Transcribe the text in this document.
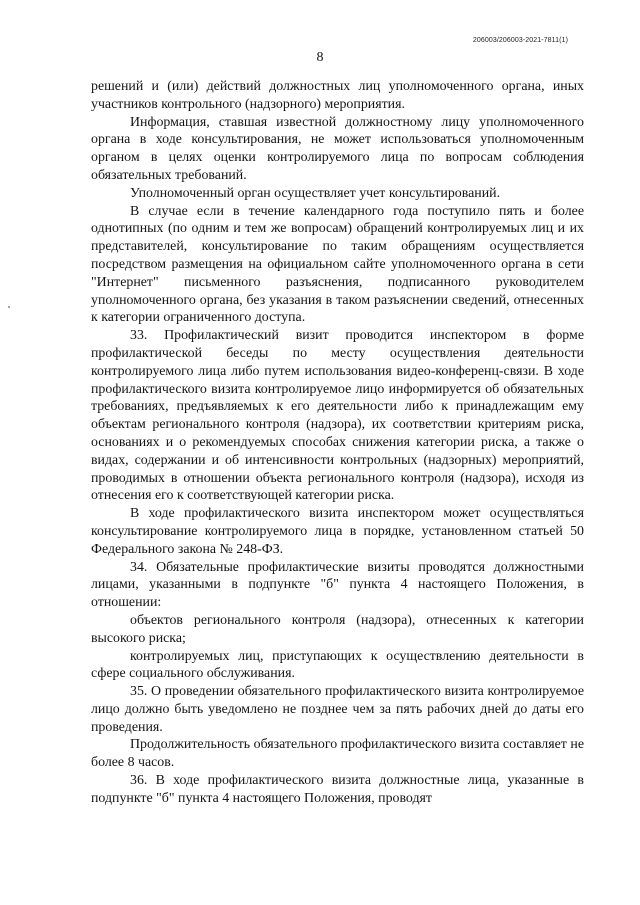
206003/206003-2021-7811(1)
8

решений и (или) действий должностных лиц уполномоченного органа, иных участников контрольного (надзорного) мероприятия.

Информация, ставшая известной должностному лицу уполномоченного органа в ходе консультирования, не может использоваться уполномоченным органом в целях оценки контролируемого лица по вопросам соблюдения обязательных требований.

Уполномоченный орган осуществляет учет консультирований.

В случае если в течение календарного года поступило пять и более однотипных (по одним и тем же вопросам) обращений контролируемых лиц и их представителей, консультирование по таким обращениям осуществляется посредством размещения на официальном сайте уполномоченного органа в сети "Интернет" письменного разъяснения, подписанного руководителем уполномоченного органа, без указания в таком разъяснении сведений, отнесенных к категории ограниченного доступа.

33. Профилактический визит проводится инспектором в форме профилактической беседы по месту осуществления деятельности контролируемого лица либо путем использования видео-конференц-связи. В ходе профилактического визита контролируемое лицо информируется об обязательных требованиях, предъявляемых к его деятельности либо к принадлежащим ему объектам регионального контроля (надзора), их соответствии критериям риска, основаниях и о рекомендуемых способах снижения категории риска, а также о видах, содержании и об интенсивности контрольных (надзорных) мероприятий, проводимых в отношении объекта регионального контроля (надзора), исходя из отнесения его к соответствующей категории риска.

В ходе профилактического визита инспектором может осуществляться консультирование контролируемого лица в порядке, установленном статьей 50 Федерального закона № 248-ФЗ.

34. Обязательные профилактические визиты проводятся должностными лицами, указанными в подпункте "б" пункта 4 настоящего Положения, в отношении:

объектов регионального контроля (надзора), отнесенных к категории высокого риска;

контролируемых лиц, приступающих к осуществлению деятельности в сфере социального обслуживания.

35. О проведении обязательного профилактического визита контролируемое лицо должно быть уведомлено не позднее чем за пять рабочих дней до даты его проведения.

Продолжительность обязательного профилактического визита составляет не более 8 часов.

36. В ходе профилактического визита должностные лица, указанные в подпункте "б" пункта 4 настоящего Положения, проводят
